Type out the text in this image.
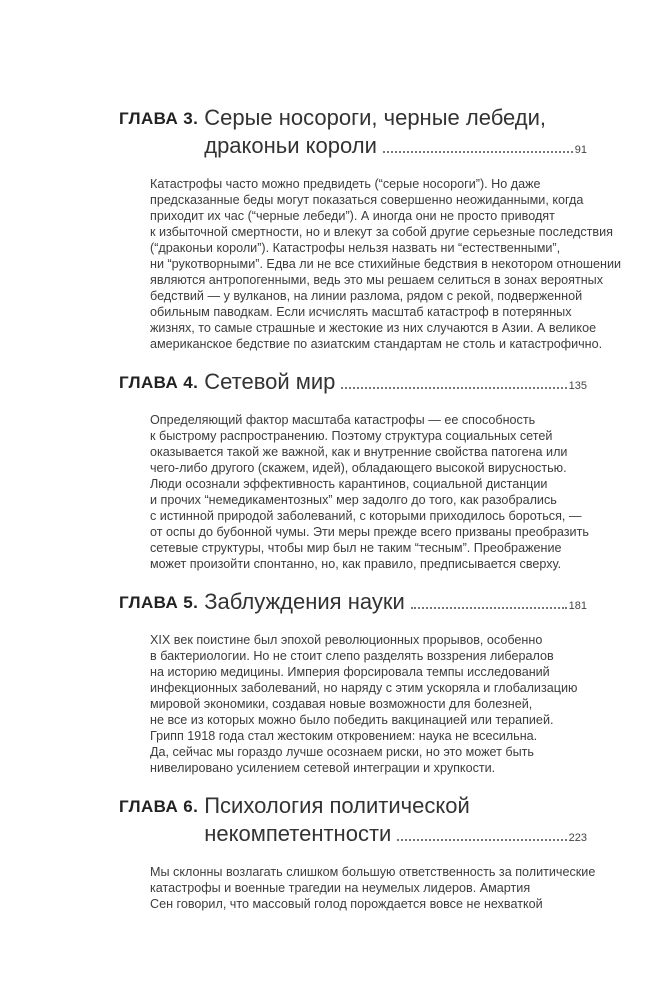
ГЛАВА 3. Серые носороги, черные лебеди,
драконьи короли	91
Катастрофы часто можно предвидеть (“серые носороги”). Но даже
предсказанные беды могут показаться совершенно неожиданными, когда
приходит их час (“черные лебеди”). А иногда они не просто приводят
к избыточной смертности, но и влекут за собой другие серьезные последствия
(“драконьи короли”). Катастрофы нельзя назвать ни “естественными”,
ни “рукотворными”. Едва ли не все стихийные бедствия в некотором отношении
являются антропогенными, ведь это мы решаем селиться в зонах вероятных
бедствий — у вулканов, на линии разлома, рядом с рекой, подверженной
обильным паводкам. Если исчислять масштаб катастроф в потерянных
жизнях, то самые страшные и жестокие из них случаются в Азии. А великое
американское бедствие по азиатским стандартам не столь и катастрофично.
ГЛАВА 4. Сетевой мир	135
Определяющий фактор масштаба катастрофы — ее способность
к быстрому распространению. Поэтому структура социальных сетей
оказывается такой же важной, как и внутренние свойства патогена или
чего-либо другого (скажем, идей), обладающего высокой вирусностью.
Люди осознали эффективность карантинов, социальной дистанции
и прочих “немедикаментозных” мер задолго до того, как разобрались
с истинной природой заболеваний, с которыми приходилось бороться, —
от оспы до бубонной чумы. Эти меры прежде всего призваны преобразить
сетевые структуры, чтобы мир был не таким “тесным”. Преображение
может произойти спонтанно, но, как правило, предписывается сверху.
ГЛАВА 5. Заблуждения науки	181
XIX век поистине был эпохой революционных прорывов, особенно
в бактериологии. Но не стоит слепо разделять воззрения либералов
на историю медицины. Империя форсировала темпы исследований
инфекционных заболеваний, но наряду с этим ускоряла и глобализацию
мировой экономики, создавая новые возможности для болезней,
не все из которых можно было победить вакцинацией или терапией.
Грипп 1918 года стал жестоким откровением: наука не всесильна.
Да, сейчас мы гораздо лучше осознаем риски, но это может быть
нивелировано усилением сетевой интеграции и хрупкости.
ГЛАВА 6. Психология политической
некомпетентности	223
Мы склонны возлагать слишком большую ответственность за политические
катастрофы и военные трагедии на неумелых лидеров. Амартия
Сен говорил, что массовый голод порождается вовсе не нехваткой
